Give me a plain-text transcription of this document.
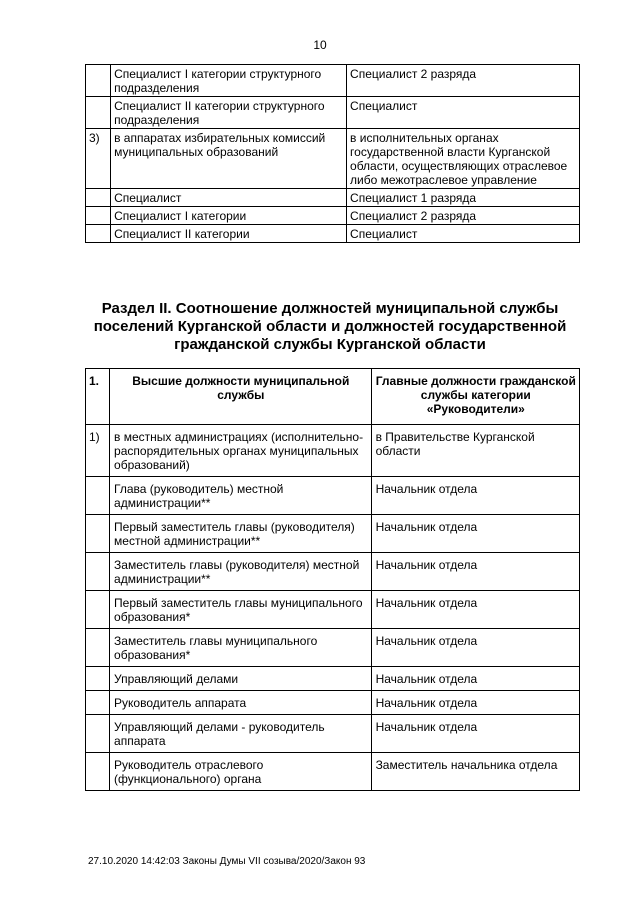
10
	Специалист I категории структурного подразделения	Специалист 2 разряда
	Специалист II категории структурного подразделения	Специалист
3)	в аппаратах избирательных комиссий муниципальных образований	в исполнительных органах государственной власти Курганской области, осуществляющих отраслевое либо межотраслевое управление
	Специалист	Специалист 1 разряда
	Специалист I категории	Специалист 2 разряда
	Специалист II категории	Специалист
Раздел II. Соотношение должностей муниципальной службы поселений Курганской области и должностей государственной гражданской службы Курганской области
1.	Высшие должности муниципальной службы	Главные должности гражданской службы категории «Руководители»
1)	в местных администрациях (исполнительно-распорядительных органах муниципальных образований)	в Правительстве Курганской области
	Глава (руководитель) местной администрации**	Начальник отдела
	Первый заместитель главы (руководителя) местной администрации**	Начальник отдела
	Заместитель главы (руководителя) местной администрации**	Начальник отдела
	Первый заместитель главы муниципального образования*	Начальник отдела
	Заместитель главы муниципального образования*	Начальник отдела
	Управляющий делами	Начальник отдела
	Руководитель аппарата	Начальник отдела
	Управляющий делами - руководитель аппарата	Начальник отдела
	Руководитель отраслевого (функционального) органа	Заместитель начальника отдела
27.10.2020 14:42:03 Законы Думы VII созыва/2020/Закон 93
